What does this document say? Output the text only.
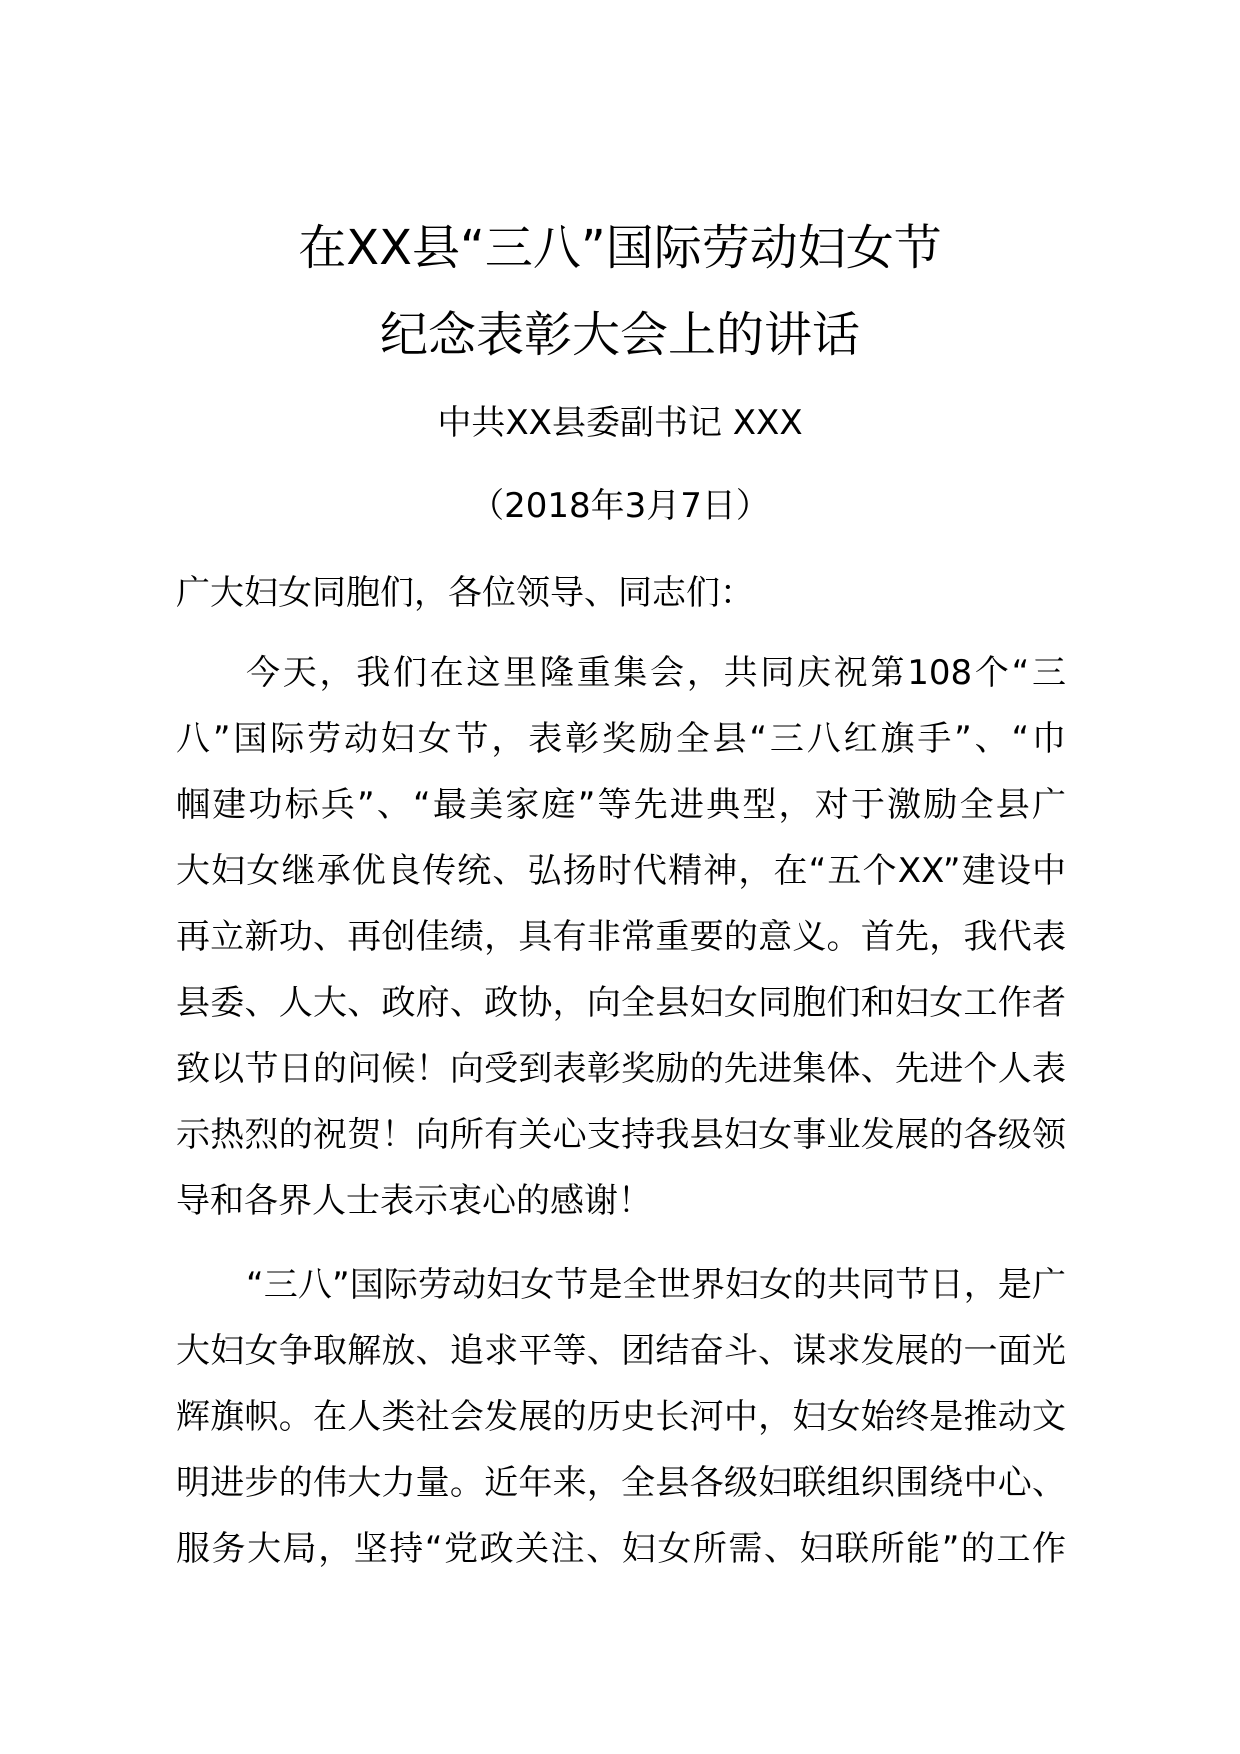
在XX县“三八”国际劳动妇女节
纪念表彰大会上的讲话
中共XX县委副书记 XXX
（2018年3月7日）
广大妇女同胞们，各位领导、同志们：
今天，我们在这里隆重集会，共同庆祝第108个“三
八”国际劳动妇女节，表彰奖励全县“三八红旗手”、“巾
帼建功标兵”、“最美家庭”等先进典型，对于激励全县广
大妇女继承优良传统、弘扬时代精神，在“五个XX”建设中
再立新功、再创佳绩，具有非常重要的意义。首先，我代表
县委、人大、政府、政协，向全县妇女同胞们和妇女工作者
致以节日的问候！向受到表彰奖励的先进集体、先进个人表
示热烈的祝贺！向所有关心支持我县妇女事业发展的各级领
导和各界人士表示衷心的感谢！
“三八”国际劳动妇女节是全世界妇女的共同节日，是广
大妇女争取解放、追求平等、团结奋斗、谋求发展的一面光
辉旗帜。在人类社会发展的历史长河中，妇女始终是推动文
明进步的伟大力量。近年来，全县各级妇联组织围绕中心、
服务大局，坚持“党政关注、妇女所需、妇联所能”的工作
